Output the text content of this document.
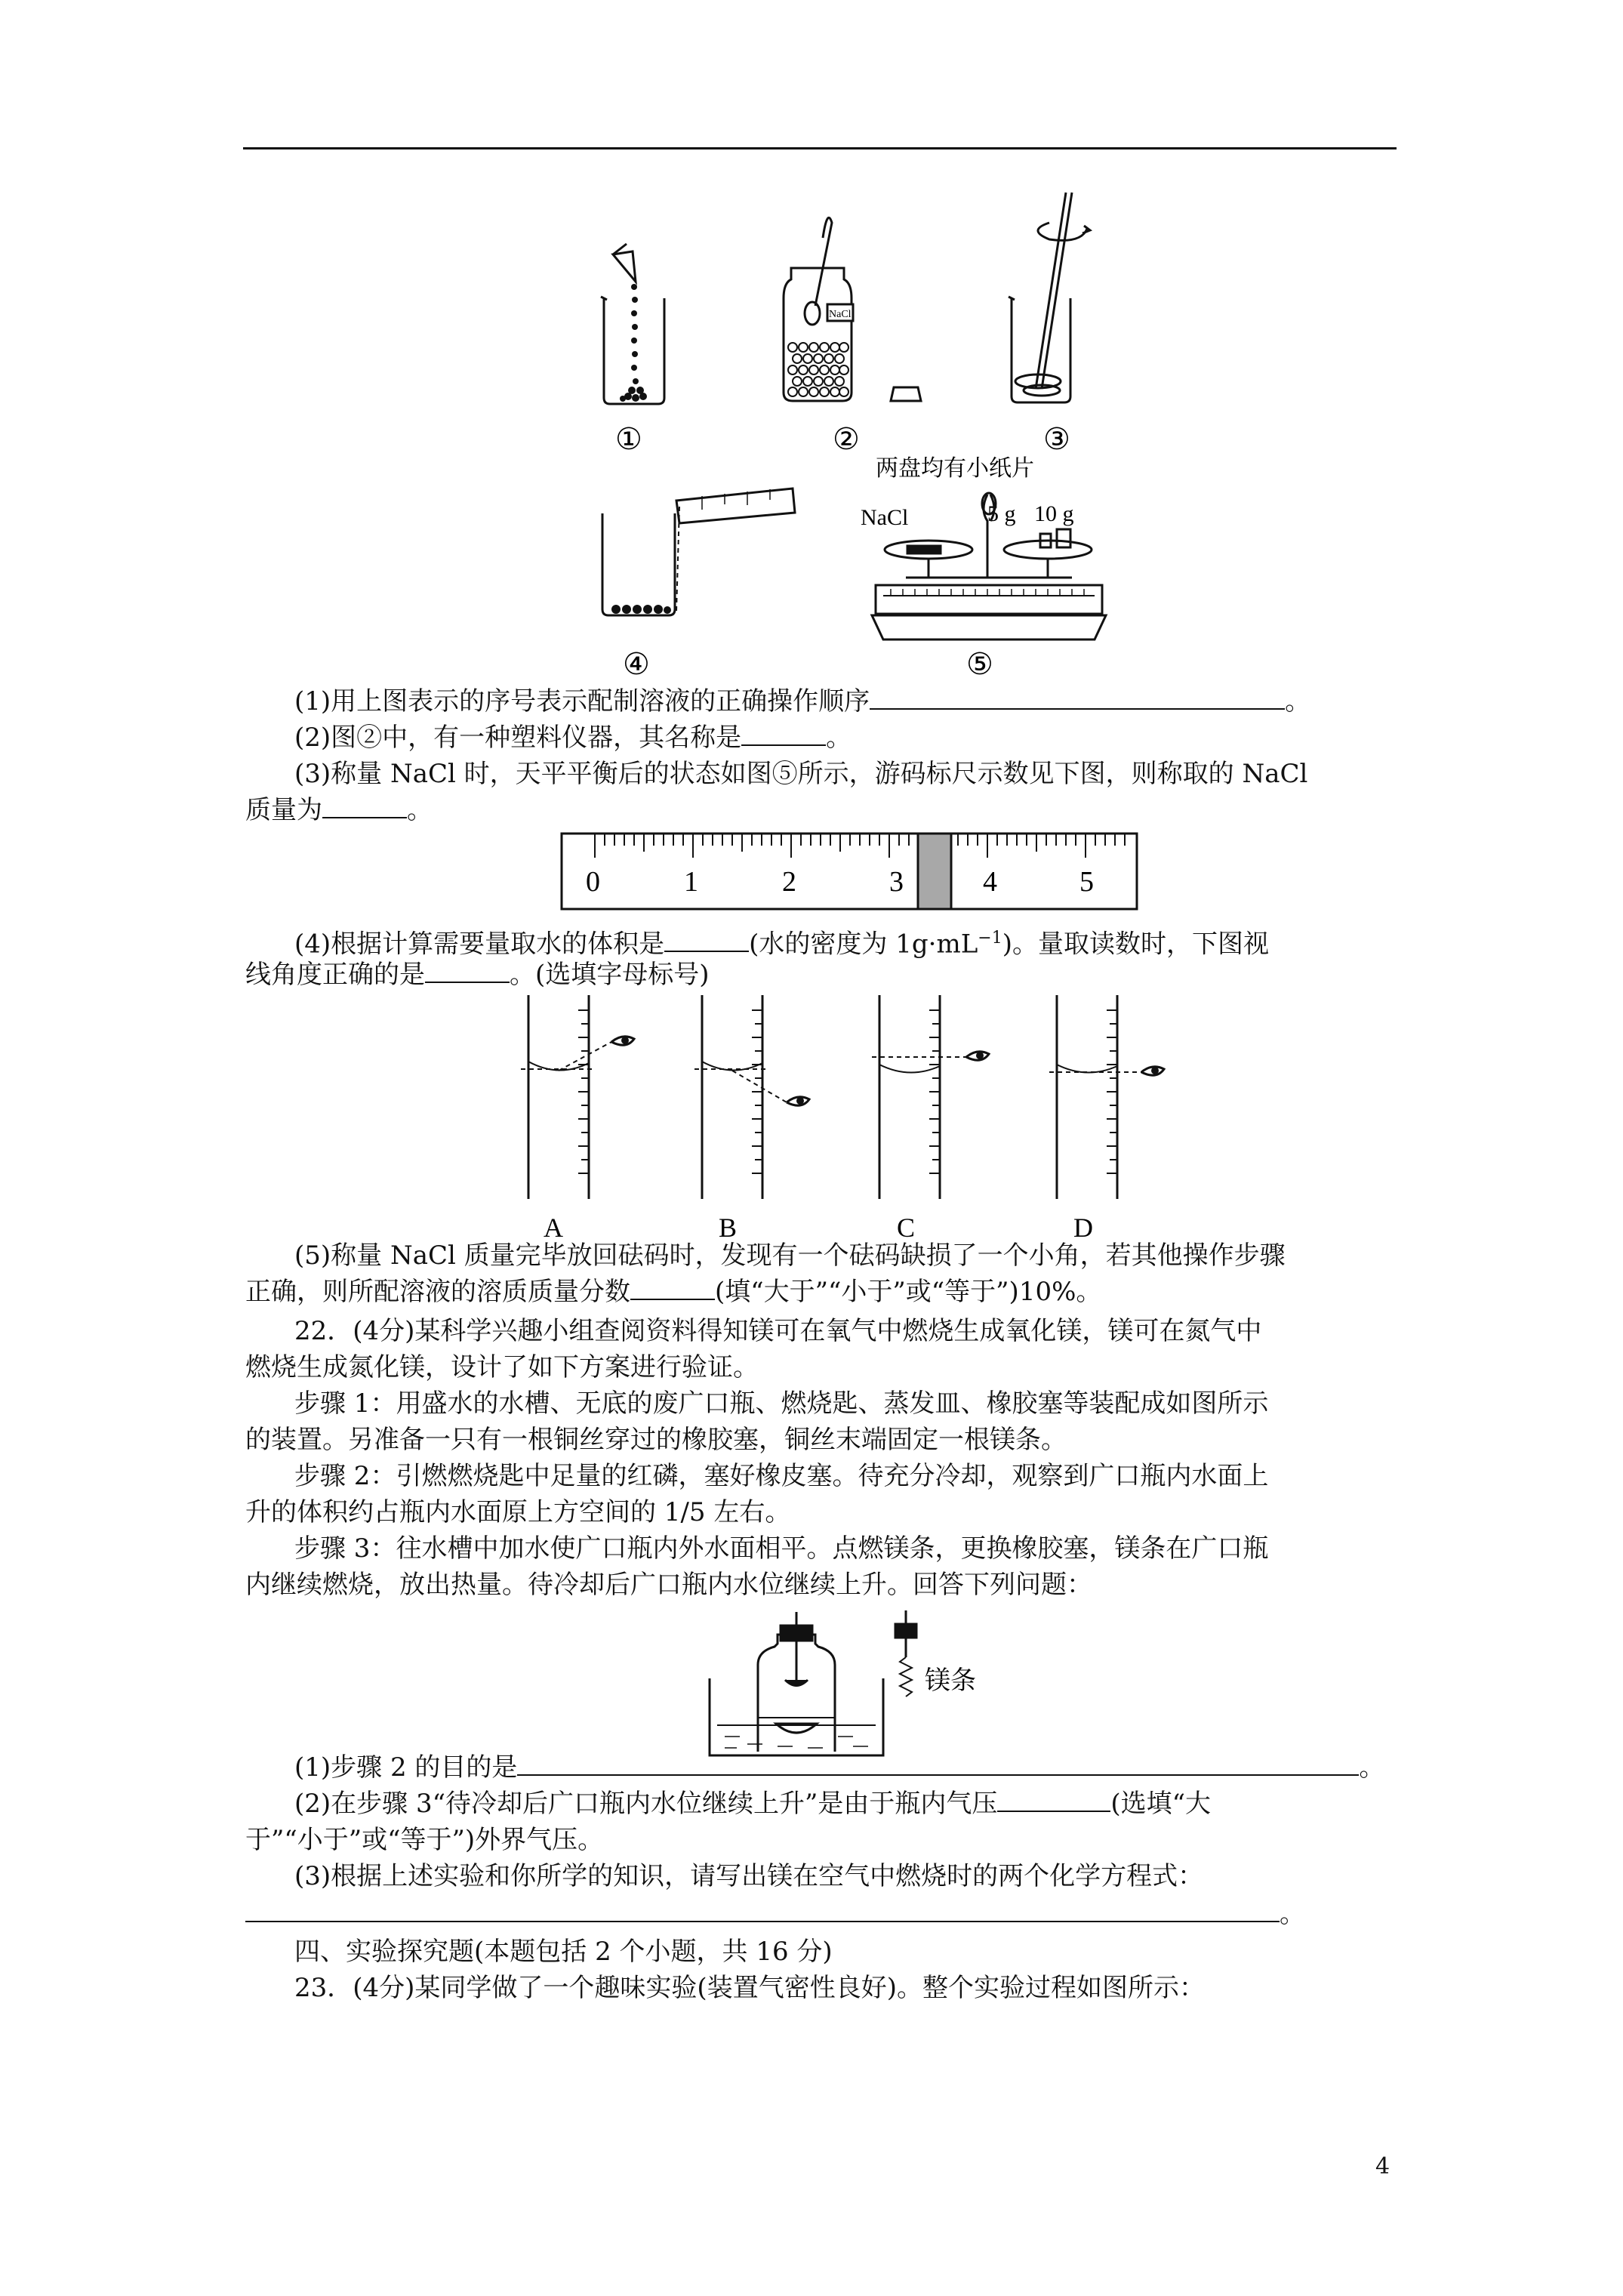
①
NaCl
②	③
④
两盘均有小纸片
NaCl	5 g 10 g
⑤
(1)用上图表示的序号表示配制溶液的正确操作顺序	。
(2)图②中，有一种塑料仪器，其名称是	。
(3)称量 NaCl 时，天平平衡后的状态如图⑤所示，游码标尺示数见下图，则称取的 NaCl
质量为	。
0	1	2	3	4	5
(4)根据计算需要量取水的体积是	(水的密度为 $1g\cdot mL^{-1}$)。量取读数时，下图视
线角度正确的是	。(选填字母标号)
A	B	C	D
(5)称量 NaCl 质量完毕放回砝码时，发现有一个砝码缺损了一个小角，若其他操作步骤
正确，则所配溶液的溶质质量分数	(填“大于”“小于”或“等于”)10%。
22．(4分)某科学兴趣小组查阅资料得知镁可在氧气中燃烧生成氧化镁，镁可在氮气中
燃烧生成氮化镁，设计了如下方案进行验证。
步骤 1：用盛水的水槽、无底的废广口瓶、燃烧匙、蒸发皿、橡胶塞等装配成如图所示
的装置。另准备一只有一根铜丝穿过的橡胶塞，铜丝末端固定一根镁条。
步骤 2：引燃燃烧匙中足量的红磷，塞好橡皮塞。待充分冷却，观察到广口瓶内水面上
升的体积约占瓶内水面原上方空间的 1/5 左右。
步骤 3：往水槽中加水使广口瓶内外水面相平。点燃镁条，更换橡胶塞，镁条在广口瓶
内继续燃烧，放出热量。待冷却后广口瓶内水位继续上升。回答下列问题：
镁条
(1)步骤 2 的目的是	。
(2)在步骤 3“待冷却后广口瓶内水位继续上升”是由于瓶内气压	(选填“大
于”“小于”或“等于”)外界气压。
(3)根据上述实验和你所学的知识，请写出镁在空气中燃烧时的两个化学方程式：
。
四、实验探究题(本题包括 2 个小题，共 16 分)
23．(4分)某同学做了一个趣味实验(装置气密性良好)。整个实验过程如图所示：
4
